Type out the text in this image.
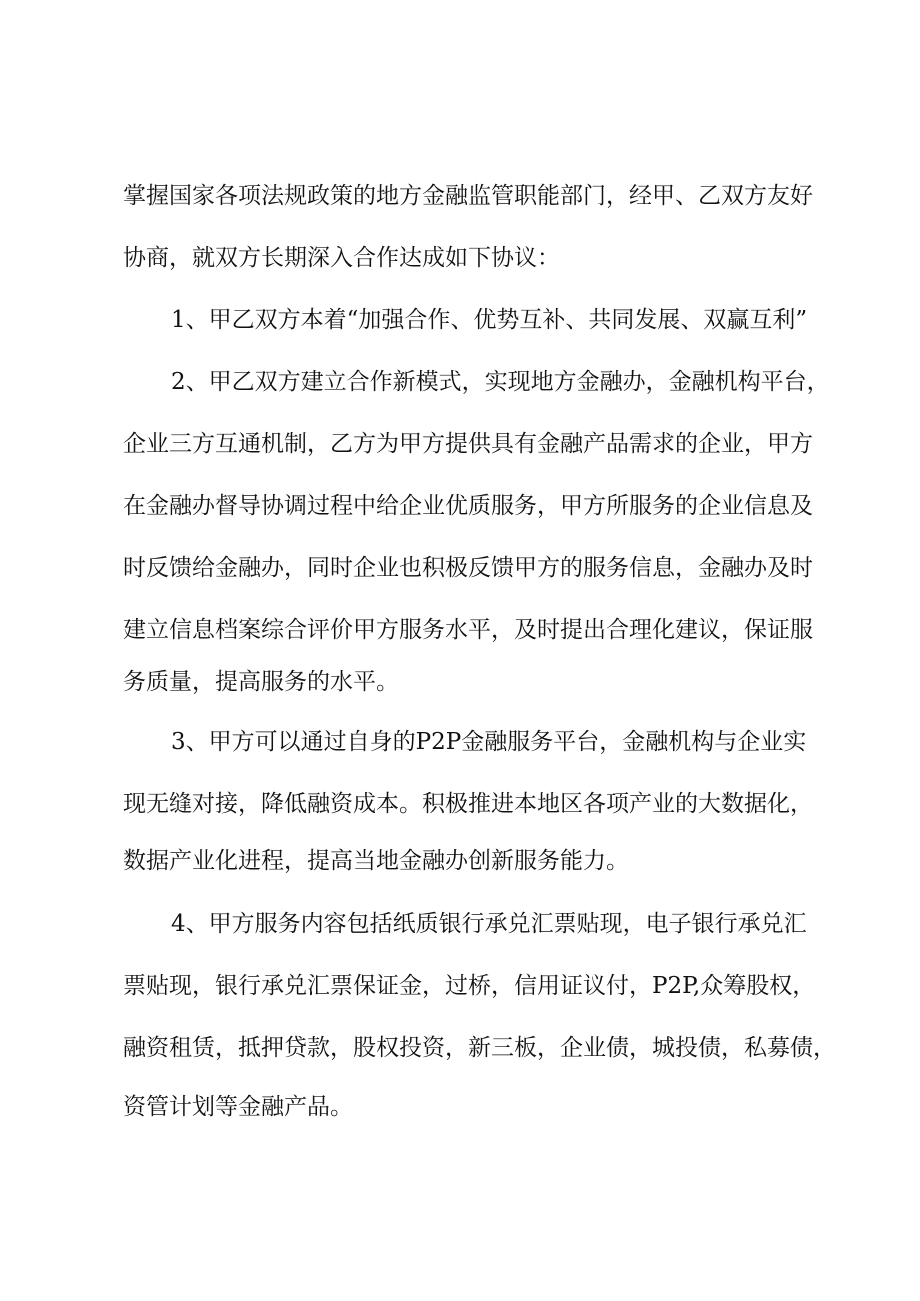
掌握国家各项法规政策的地方金融监管职能部门，经甲、乙双方友好

协商，就双方长期深入合作达成如下协议：

1、甲乙双方本着“加强合作、优势互补、共同发展、双赢互利”

2、甲乙双方建立合作新模式，实现地方金融办，金融机构平台，

企业三方互通机制，乙方为甲方提供具有金融产品需求的企业，甲方

在金融办督导协调过程中给企业优质服务，甲方所服务的企业信息及

时反馈给金融办，同时企业也积极反馈甲方的服务信息，金融办及时

建立信息档案综合评价甲方服务水平，及时提出合理化建议，保证服

务质量，提高服务的水平。

3、甲方可以通过自身的P2P金融服务平台，金融机构与企业实

现无缝对接，降低融资成本。积极推进本地区各项产业的大数据化，

数据产业化进程，提高当地金融办创新服务能力。

4、甲方服务内容包括纸质银行承兑汇票贴现，电子银行承兑汇

票贴现，银行承兑汇票保证金，过桥，信用证议付，P2P,众筹股权，

融资租赁，抵押贷款，股权投资，新三板，企业债，城投债，私募债，

资管计划等金融产品。
